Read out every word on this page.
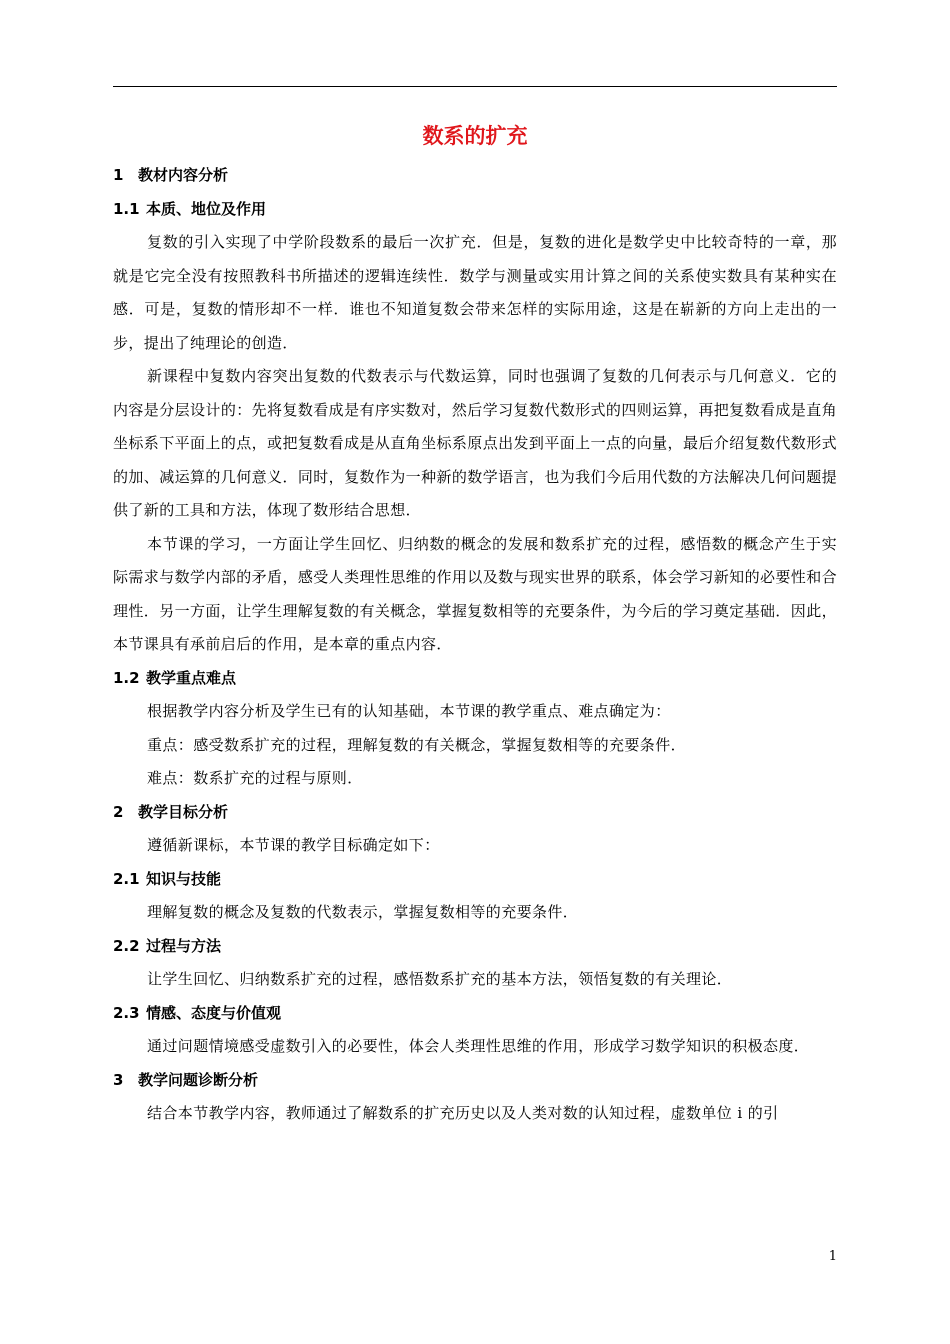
数系的扩充
1 教材内容分析
1.1 本质、地位及作用

复数的引入实现了中学阶段数系的最后一次扩充．但是，复数的进化是数学史中比较奇特的一章，那就是它完全没有按照教科书所描述的逻辑连续性．数学与测量或实用计算之间的关系使实数具有某种实在感．可是，复数的情形却不一样．谁也不知道复数会带来怎样的实际用途，这是在崭新的方向上走出的一步，提出了纯理论的创造．

新课程中复数内容突出复数的代数表示与代数运算，同时也强调了复数的几何表示与几何意义．它的内容是分层设计的：先将复数看成是有序实数对，然后学习复数代数形式的四则运算，再把复数看成是直角坐标系下平面上的点，或把复数看成是从直角坐标系原点出发到平面上一点的向量，最后介绍复数代数形式的加、减运算的几何意义．同时，复数作为一种新的数学语言，也为我们今后用代数的方法解决几何问题提供了新的工具和方法，体现了数形结合思想．

本节课的学习，一方面让学生回忆、归纳数的概念的发展和数系扩充的过程，感悟数的概念产生于实际需求与数学内部的矛盾，感受人类理性思维的作用以及数与现实世界的联系，体会学习新知的必要性和合理性．另一方面，让学生理解复数的有关概念，掌握复数相等的充要条件，为今后的学习奠定基础．因此，本节课具有承前启后的作用，是本章的重点内容．

1.2 教学重点难点

根据教学内容分析及学生已有的认知基础，本节课的教学重点、难点确定为：

重点：感受数系扩充的过程，理解复数的有关概念，掌握复数相等的充要条件．

难点：数系扩充的过程与原则．

2 教学目标分析

遵循新课标，本节课的教学目标确定如下：

2.1 知识与技能

理解复数的概念及复数的代数表示，掌握复数相等的充要条件．

2.2 过程与方法

让学生回忆、归纳数系扩充的过程，感悟数系扩充的基本方法，领悟复数的有关理论．

2.3 情感、态度与价值观

通过问题情境感受虚数引入的必要性，体会人类理性思维的作用，形成学习数学知识的积极态度．

3 教学问题诊断分析

结合本节教学内容，教师通过了解数系的扩充历史以及人类对数的认知过程，虚数单位 i 的引

1
